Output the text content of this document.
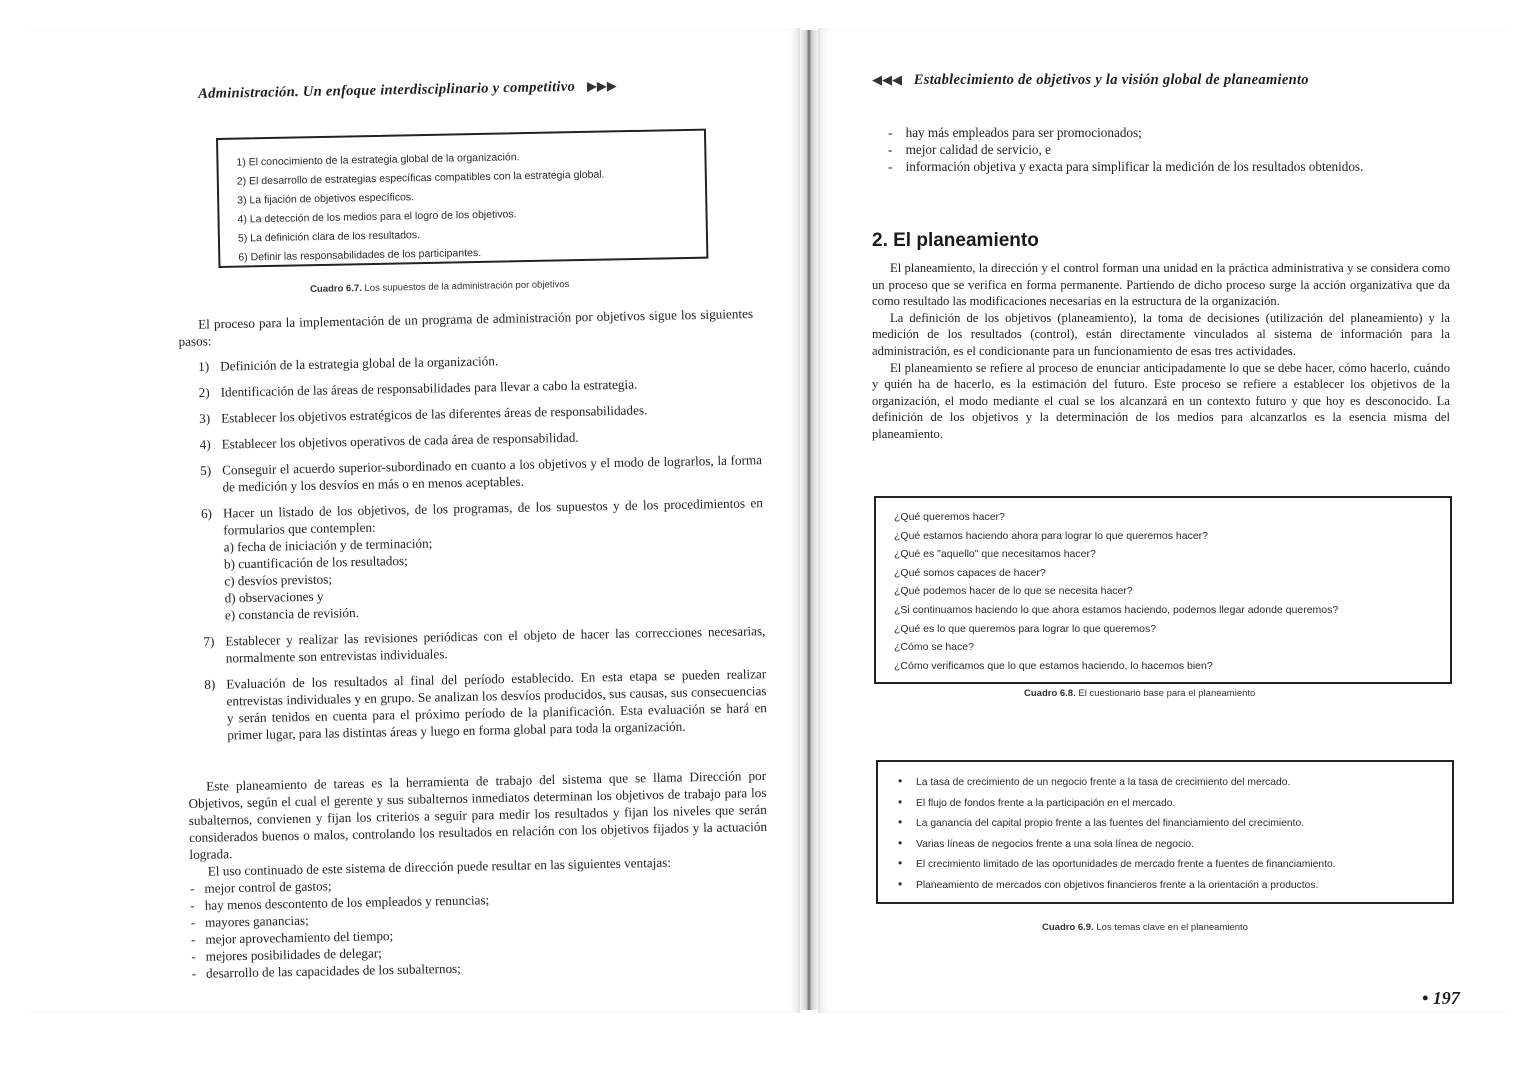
Administración. Un enfoque interdisciplinario y competitivo ▶▶▶
1) El conocimiento de la estrategia global de la organización.
2) El desarrollo de estrategias específicas compatibles con la estrategia global.
3) La fijación de objetivos específicos.
4) La detección de los medios para el logro de los objetivos.
5) La definición clara de los resultados.
6) Definir las responsabilidades de los participantes.
Cuadro 6.7. Los supuestos de la administración por objetivos

El proceso para la implementación de un programa de administración por objetivos sigue los siguientes pasos:

1) Definición de la estrategia global de la organización.
2) Identificación de las áreas de responsabilidades para llevar a cabo la estrategia.
3) Establecer los objetivos estratégicos de las diferentes áreas de responsabilidades.
4) Establecer los objetivos operativos de cada área de responsabilidad.
5) Conseguir el acuerdo superior-subordinado en cuanto a los objetivos y el modo de lograrlos, la forma de medición y los desvíos en más o en menos aceptables.
6) Hacer un listado de los objetivos, de los programas, de los supuestos y de los procedimientos en formularios que contemplen:
a) fecha de iniciación y de terminación;
b) cuantificación de los resultados;
c) desvíos previstos;
d) observaciones y
e) constancia de revisión.
7) Establecer y realizar las revisiones periódicas con el objeto de hacer las correcciones necesarias, normalmente son entrevistas individuales.
8) Evaluación de los resultados al final del período establecido. En esta etapa se pueden realizar entrevistas individuales y en grupo. Se analizan los desvíos producidos, sus causas, sus consecuencias y serán tenidos en cuenta para el próximo período de la planificación. Esta evaluación se hará en primer lugar, para las distintas áreas y luego en forma global para toda la organización.

Este planeamiento de tareas es la herramienta de trabajo del sistema que se llama Dirección por Objetivos, según el cual el gerente y sus subalternos inmediatos determinan los objetivos de trabajo para los subalternos, convienen y fijan los criterios a seguir para medir los resultados y fijan los niveles que serán considerados buenos o malos, controlando los resultados en relación con los objetivos fijados y la actuación lograda.

El uso continuado de este sistema de dirección puede resultar en las siguientes ventajas:

-   mejor control de gastos;
-   hay menos descontento de los empleados y renuncias;
-   mayores ganancias;
-   mejor aprovechamiento del tiempo;
-   mejores posibilidades de delegar;
-   desarrollo de las capacidades de los subalternos;
◀◀◀ Establecimiento de objetivos y la visión global de planeamiento
-    hay más empleados para ser promocionados;
-    mejor calidad de servicio, e
-    información objetiva y exacta para simplificar la medición de los resultados obtenidos.
2. El planeamiento

El planeamiento, la dirección y el control forman una unidad en la práctica administrativa y se considera como un proceso que se verifica en forma permanente. Partiendo de dicho proceso surge la acción organizativa que da como resultado las modificaciones necesarias en la estructura de la organización.

La definición de los objetivos (planeamiento), la toma de decisiones (utilización del planeamiento) y la medición de los resultados (control), están directamente vinculados al sistema de información para la administración, es el condicionante para un funcionamiento de esas tres actividades.

El planeamiento se refiere al proceso de enunciar anticipadamente lo que se debe hacer, cómo hacerlo, cuándo y quién ha de hacerlo, es la estimación del futuro. Este proceso se refiere a establecer los objetivos de la organización, el modo mediante el cual se los alcanzará en un contexto futuro y que hoy es desconocido. La definición de los objetivos y la determinación de los medios para alcanzarlos es la esencia misma del planeamiento.

¿Qué queremos hacer?
¿Qué estamos haciendo ahora para lograr lo que queremos hacer?
¿Qué es "aquello" que necesitamos hacer?
¿Qué somos capaces de hacer?
¿Qué podemos hacer de lo que se necesita hacer?
¿Si continuamos haciendo lo que ahora estamos haciendo, podemos llegar adonde queremos?
¿Qué es lo que queremos para lograr lo que queremos?
¿Cómo se hace?
¿Cómo verificamos que lo que estamos haciendo, lo hacemos bien?
Cuadro 6.8. El cuestionario base para el planeamiento
• La tasa de crecimiento de un negocio frente a la tasa de crecimiento del mercado.
• El flujo de fondos frente a la participación en el mercado.
• La ganancia del capital propio frente a las fuentes del financiamiento del crecimiento.
• Varias líneas de negocios frente a una sola línea de negocio.
• El crecimiento limitado de las oportunidades de mercado frente a fuentes de financiamiento.
• Planeamiento de mercados con objetivos financieros frente a la orientación a productos.
Cuadro 6.9. Los temas clave en el planeamiento
• 197
